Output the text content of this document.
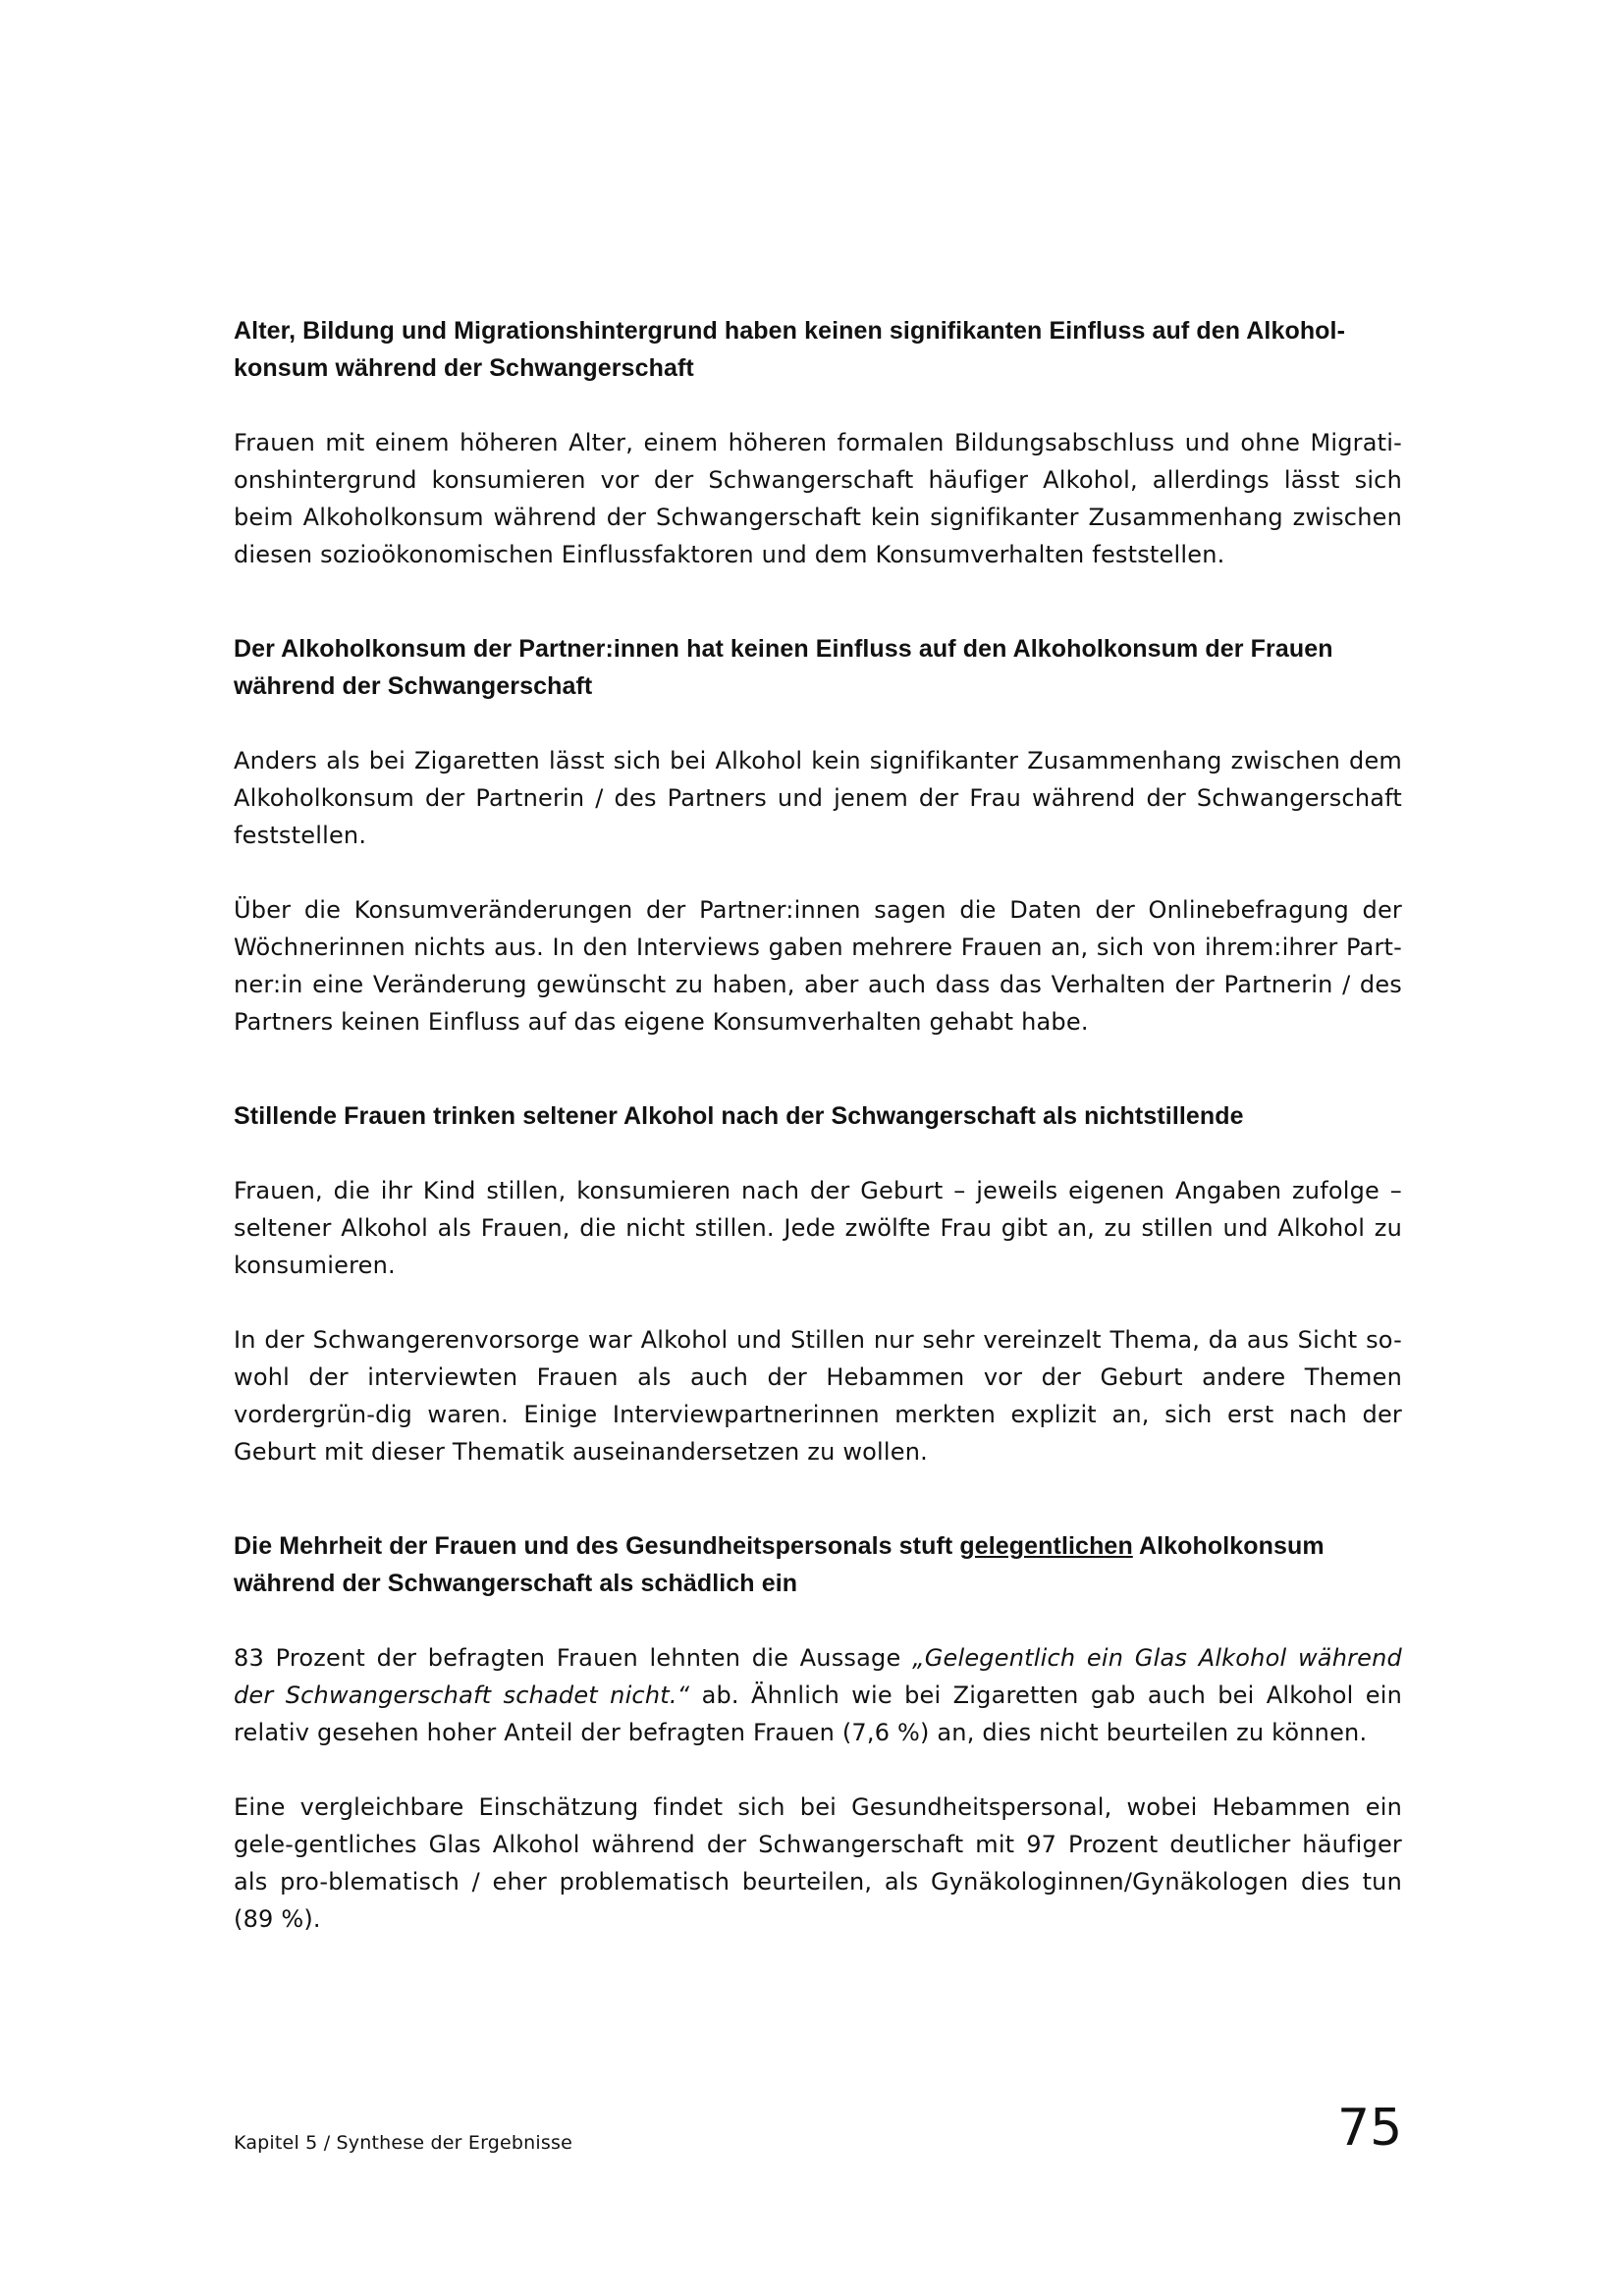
Alter, Bildung und Migrationshintergrund haben keinen signifikanten Einfluss auf den Alkohol-konsum während der Schwangerschaft

Frauen mit einem höheren Alter, einem höheren formalen Bildungsabschluss und ohne Migrati-onshintergrund konsumieren vor der Schwangerschaft häufiger Alkohol, allerdings lässt sich beim Alkoholkonsum während der Schwangerschaft kein signifikanter Zusammenhang zwischen diesen sozioökonomischen Einflussfaktoren und dem Konsumverhalten feststellen.

Der Alkoholkonsum der Partner:innen hat keinen Einfluss auf den Alkoholkonsum der Frauen während der Schwangerschaft

Anders als bei Zigaretten lässt sich bei Alkohol kein signifikanter Zusammenhang zwischen dem Alkoholkonsum der Partnerin / des Partners und jenem der Frau während der Schwangerschaft feststellen.

Über die Konsumveränderungen der Partner:innen sagen die Daten der Onlinebefragung der Wöchnerinnen nichts aus. In den Interviews gaben mehrere Frauen an, sich von ihrem:ihrer Part-ner:in eine Veränderung gewünscht zu haben, aber auch dass das Verhalten der Partnerin / des Partners keinen Einfluss auf das eigene Konsumverhalten gehabt habe.

Stillende Frauen trinken seltener Alkohol nach der Schwangerschaft als nichtstillende

Frauen, die ihr Kind stillen, konsumieren nach der Geburt – jeweils eigenen Angaben zufolge – seltener Alkohol als Frauen, die nicht stillen. Jede zwölfte Frau gibt an, zu stillen und Alkohol zu konsumieren.

In der Schwangerenvorsorge war Alkohol und Stillen nur sehr vereinzelt Thema, da aus Sicht so-wohl der interviewten Frauen als auch der Hebammen vor der Geburt andere Themen vordergrün-dig waren. Einige Interviewpartnerinnen merkten explizit an, sich erst nach der Geburt mit dieser Thematik auseinandersetzen zu wollen.

Die Mehrheit der Frauen und des Gesundheitspersonals stuft gelegentlichen Alkoholkonsum während der Schwangerschaft als schädlich ein

83 Prozent der befragten Frauen lehnten die Aussage „Gelegentlich ein Glas Alkohol während der Schwangerschaft schadet nicht.“ ab. Ähnlich wie bei Zigaretten gab auch bei Alkohol ein relativ gesehen hoher Anteil der befragten Frauen (7,6 %) an, dies nicht beurteilen zu können.

Eine vergleichbare Einschätzung findet sich bei Gesundheitspersonal, wobei Hebammen ein gele-gentliches Glas Alkohol während der Schwangerschaft mit 97 Prozent deutlicher häufiger als pro-blematisch / eher problematisch beurteilen, als Gynäkologinnen/Gynäkologen dies tun (89 %).

Kapitel 5 / Synthese der Ergebnisse	75
